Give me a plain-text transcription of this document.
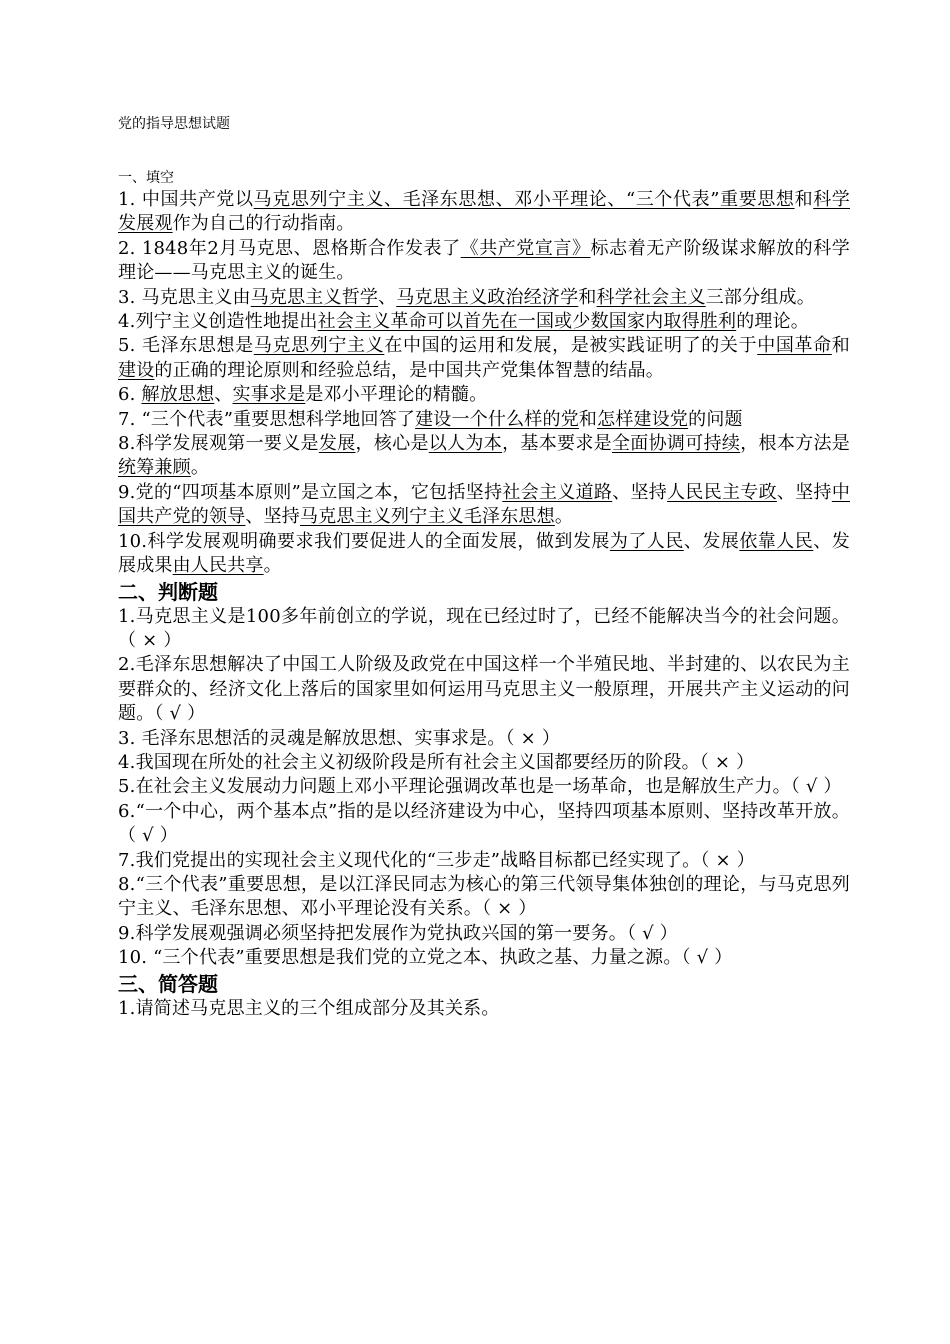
党的指导思想试题

一、填空

1. 中国共产党以马克思列宁主义、毛泽东思想、邓小平理论、“三个代表”重要思想和科学发展观作为自己的行动指南。

2. 1848年2月马克思、恩格斯合作发表了《共产党宣言》标志着无产阶级谋求解放的科学理论——马克思主义的诞生。

3. 马克思主义由马克思主义哲学、马克思主义政治经济学和科学社会主义三部分组成。

4.列宁主义创造性地提出社会主义革命可以首先在一国或少数国家内取得胜利的理论。

5. 毛泽东思想是马克思列宁主义在中国的运用和发展，是被实践证明了的关于中国革命和建设的正确的理论原则和经验总结，是中国共产党集体智慧的结晶。

6. 解放思想、实事求是是邓小平理论的精髓。

7. “三个代表”重要思想科学地回答了建设一个什么样的党和怎样建设党的问题

8.科学发展观第一要义是发展，核心是以人为本，基本要求是全面协调可持续，根本方法是统筹兼顾。

9.党的“四项基本原则”是立国之本，它包括坚持社会主义道路、坚持人民民主专政、坚持中国共产党的领导、坚持马克思主义列宁主义毛泽东思想。

10.科学发展观明确要求我们要促进人的全面发展，做到发展为了人民、发展依靠人民、发展成果由人民共享。

二、判断题

1.马克思主义是100多年前创立的学说，现在已经过时了，已经不能解决当今的社会问题。（ × ）

2.毛泽东思想解决了中国工人阶级及政党在中国这样一个半殖民地、半封建的、以农民为主要群众的、经济文化上落后的国家里如何运用马克思主义一般原理，开展共产主义运动的问题。（ √ ）

3. 毛泽东思想活的灵魂是解放思想、实事求是。（ × ）

4.我国现在所处的社会主义初级阶段是所有社会主义国都要经历的阶段。（ × ）

5.在社会主义发展动力问题上邓小平理论强调改革也是一场革命，也是解放生产力。（ √ ）

6.“一个中心，两个基本点”指的是以经济建设为中心，坚持四项基本原则、坚持改革开放。（ √ ）

7.我们党提出的实现社会主义现代化的“三步走”战略目标都已经实现了。（ × ）

8.“三个代表”重要思想，是以江泽民同志为核心的第三代领导集体独创的理论，与马克思列宁主义、毛泽东思想、邓小平理论没有关系。（ × ）

9.科学发展观强调必须坚持把发展作为党执政兴国的第一要务。（ √ ）

10. “三个代表”重要思想是我们党的立党之本、执政之基、力量之源。（ √ ）

三、简答题

1.请简述马克思主义的三个组成部分及其关系。
